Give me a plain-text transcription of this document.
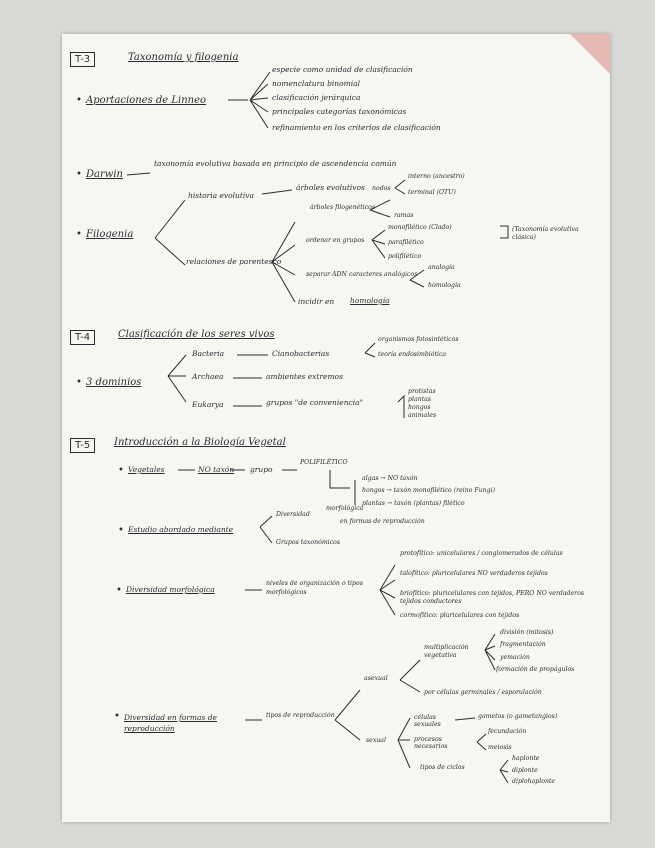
T-3	Taxonomía y filogenia
Aportaciones de Linneo
especie como unidad de clasificación
nomenclatura binomial
clasificación jerárquica
principales categorías taxonómicas
refinamiento en los criterios de clasificación
Darwin
taxonomía evolutiva basada en principio de ascendencia común
Filogenia
historia evolutiva
árboles evolutivos nodos
interno (ancestro)
terminal (OTU)
árboles filogenéticos
ramas
relaciones de parentesco
ordenar en grupos
monofilético (Clado)
parafilético
polifilético
(Taxonomía evolutiva clásica)
separar ADN caracteres analógicos
analogía
homología
incidir en homología
T-4	Clasificación de los seres vivos
3 dominios
Bacteria	Cianobacterias
organismos fotosintéticos
teoría endosimbiótica
Archaea	ambientes extremos
Eukarya	grupos "de conveniencia"
protistas
plantas
hongos
animales
T-5	Introducción a la Biología Vegetal
Vegetales	NO taxón grupo
POLIFILÉTICO
algas → NO taxón
hongos → taxón monofilético (reino Fungi)
plantas → taxón (plantas) filético
Estudio abordado mediante
Diversidad
morfológica
en formas de reproducción
Grupos taxonómicos
Diversidad morfológica
niveles de organización o tipos morfológicos
protofítico: unicelulares / conglomerados de células
talofítico: pluricelulares NO verdaderos tejidos
briofítico: pluricelulares con tejidos, PERO NO verdaderos tejidos conductores
cormofítico: pluricelulares con tejidos
Diversidad en formas de reproducción
tipos de reproducción
asexual
multiplicación vegetativa
división (mitosis)
fragmentación
yemación
formación de propágulos
por células germinales / esporulación
sexual
células sexuales
gametos (o gametangios)
procesos necesarios
fecundación
meiosis
tipos de ciclos
haplonte
diplonte
diplohaplonte
•
•
•
•
•
•
•
•
